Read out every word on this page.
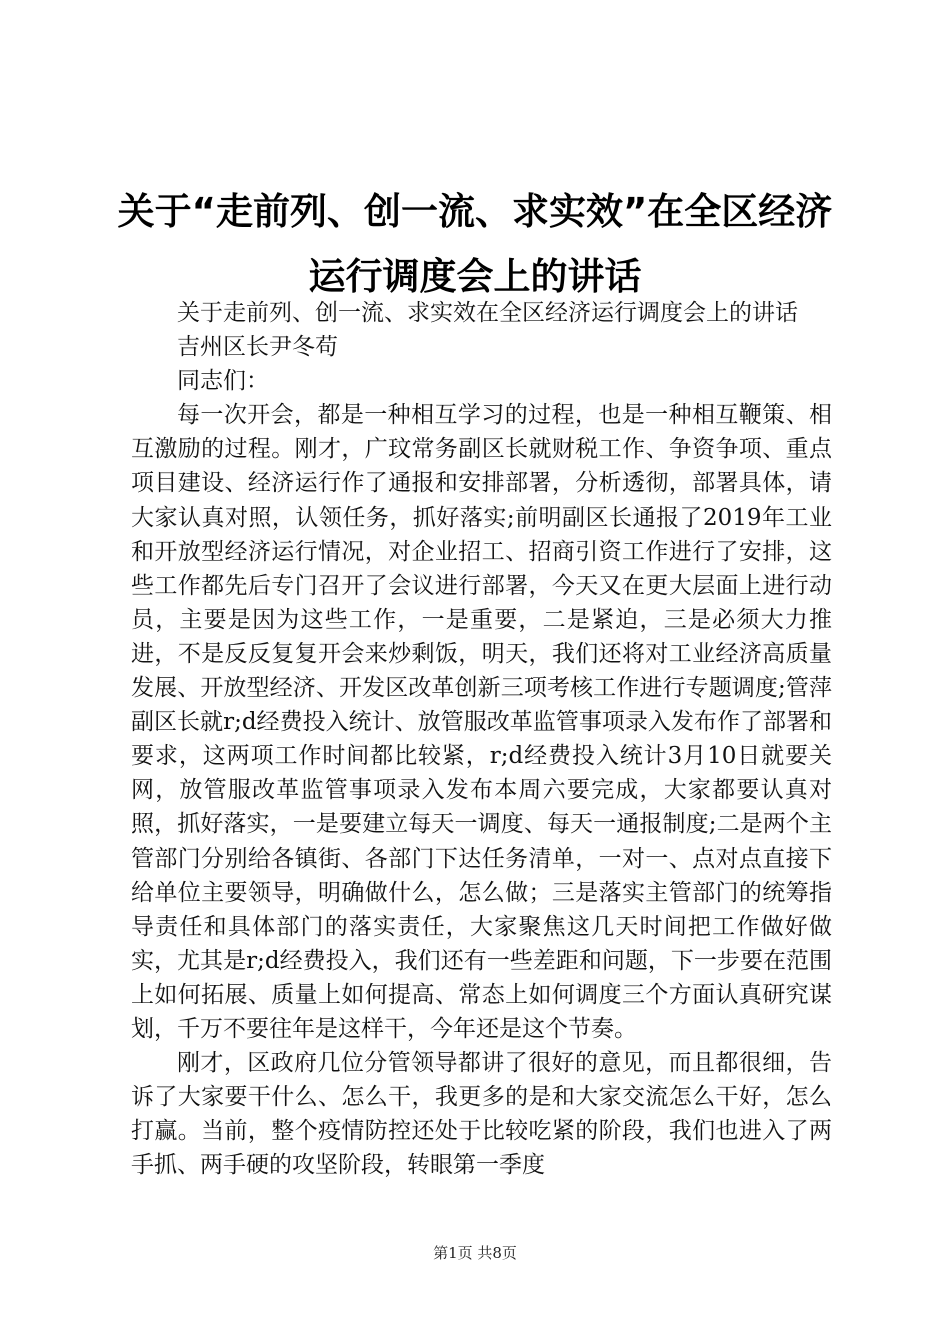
关于“走前列、创一流、求实效”在全区经济
运行调度会上的讲话

关于走前列、创一流、求实效在全区经济运行调度会上的讲话

吉州区长尹冬苟

同志们：

每一次开会，都是一种相互学习的过程，也是一种相互鞭策、相互激励的过程。刚才，广玟常务副区长就财税工作、争资争项、重点项目建设、经济运行作了通报和安排部署，分析透彻，部署具体，请大家认真对照，认领任务，抓好落实;前明副区长通报了2019年工业和开放型经济运行情况，对企业招工、招商引资工作进行了安排，这些工作都先后专门召开了会议进行部署，今天又在更大层面上进行动员，主要是因为这些工作，一是重要，二是紧迫，三是必须大力推进，不是反反复复开会来炒剩饭，明天，我们还将对工业经济高质量发展、开放型经济、开发区改革创新三项考核工作进行专题调度;管萍副区长就r;d经费投入统计、放管服改革监管事项录入发布作了部署和要求，这两项工作时间都比较紧，r;d经费投入统计3月10日就要关网，放管服改革监管事项录入发布本周六要完成，大家都要认真对照，抓好落实，一是要建立每天一调度、每天一通报制度;二是两个主管部门分别给各镇街、各部门下达任务清单，一对一、点对点直接下给单位主要领导，明确做什么，怎么做；三是落实主管部门的统筹指导责任和具体部门的落实责任，大家聚焦这几天时间把工作做好做实，尤其是r;d经费投入，我们还有一些差距和问题，下一步要在范围上如何拓展、质量上如何提高、常态上如何调度三个方面认真研究谋划，千万不要往年是这样干，今年还是这个节奏。

刚才，区政府几位分管领导都讲了很好的意见，而且都很细，告诉了大家要干什么、怎么干，我更多的是和大家交流怎么干好，怎么打赢。当前，整个疫情防控还处于比较吃紧的阶段，我们也进入了两手抓、两手硬的攻坚阶段，转眼第一季度

第1页 共8页
